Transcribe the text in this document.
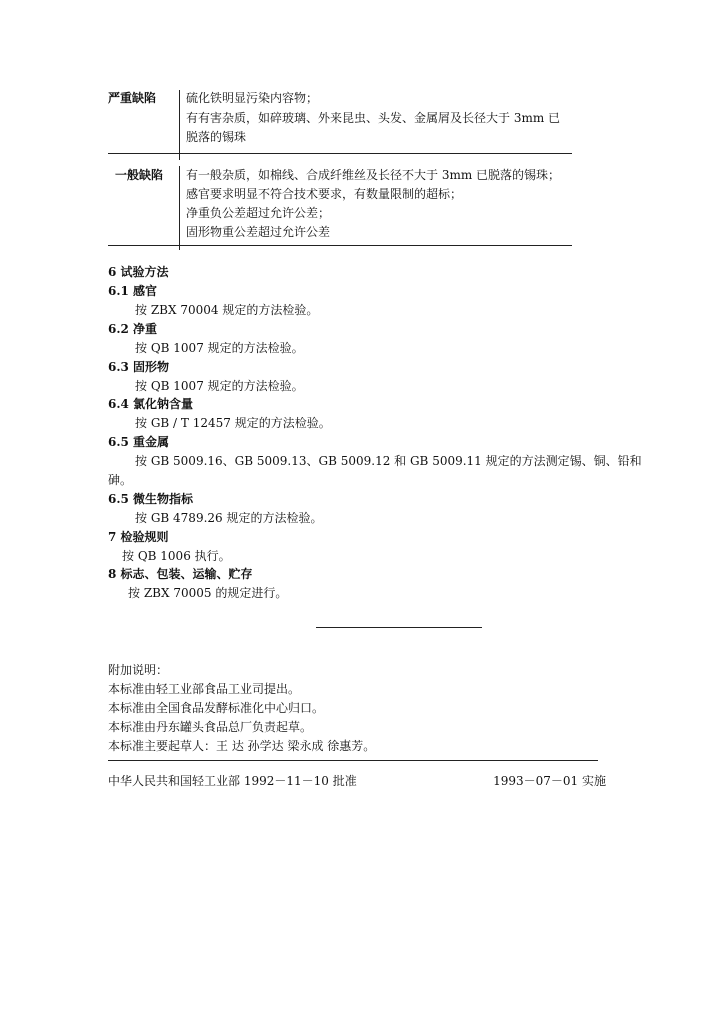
严重缺陷 硫化铁明显污染内容物；
有有害杂质，如碎玻璃、外来昆虫、头发、金属屑及长径大于 3mm 已
脱落的锡珠
一般缺陷 有一般杂质，如棉线、合成纤维丝及长径不大于 3mm 已脱落的锡珠；
感官要求明显不符合技术要求，有数量限制的超标；
净重负公差超过允许公差；
固形物重公差超过允许公差
6 试验方法
6.1 感官
按 ZBX 70004 规定的方法检验。
6.2 净重
按 QB 1007 规定的方法检验。
6.3 固形物
按 QB 1007 规定的方法检验。
6.4 氯化钠含量
按 GB / T 12457 规定的方法检验。
6.5 重金属
按 GB 5009.16、GB 5009.13、GB 5009.12 和 GB 5009.11 规定的方法测定锡、铜、铅和
砷。
6.5 微生物指标
按 GB 4789.26 规定的方法检验。
7 检验规则
按 QB 1006 执行。
8 标志、包装、运输、贮存
按 ZBX 70005 的规定进行。
附加说明：
本标准由轻工业部食品工业司提出。
本标准由全国食品发酵标准化中心归口。
本标准由丹东罐头食品总厂负责起草。
本标准主要起草人：王 达 孙学达 梁永成 徐惠芳。
中华人民共和国轻工业部 1992－11－10 批准	1993－07－01 实施
